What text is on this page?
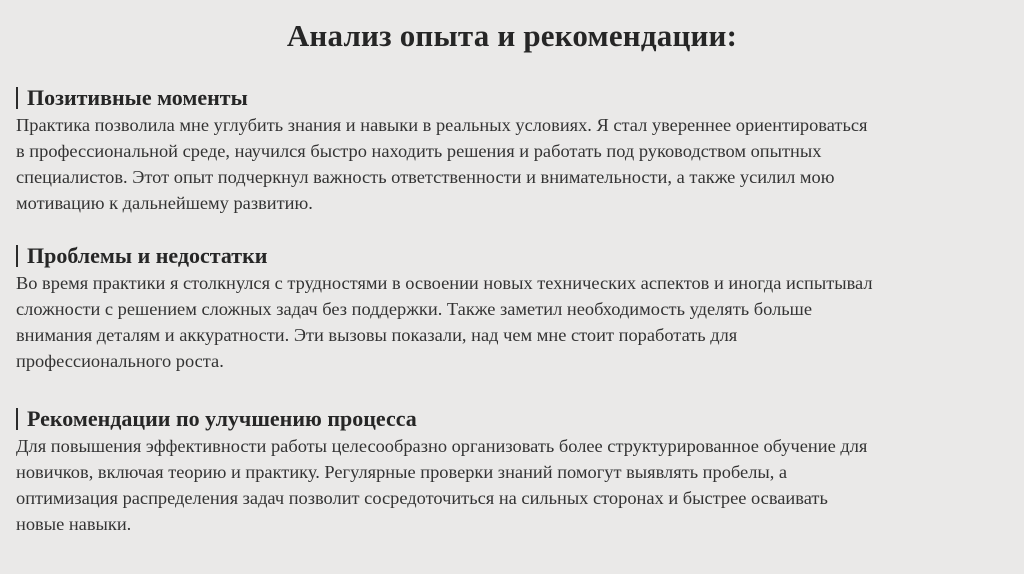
Анализ опыта и рекомендации:
Позитивные моменты
Практика позволила мне углубить знания и навыки в реальных условиях. Я стал увереннее ориентироваться
в профессиональной среде, научился быстро находить решения и работать под руководством опытных
специалистов. Этот опыт подчеркнул важность ответственности и внимательности, а также усилил мою
мотивацию к дальнейшему развитию.
Проблемы и недостатки
Во время практики я столкнулся с трудностями в освоении новых технических аспектов и иногда испытывал
сложности с решением сложных задач без поддержки. Также заметил необходимость уделять больше
внимания деталям и аккуратности. Эти вызовы показали, над чем мне стоит поработать для
профессионального роста.
Рекомендации по улучшению процесса
Для повышения эффективности работы целесообразно организовать более структурированное обучение для
новичков, включая теорию и практику. Регулярные проверки знаний помогут выявлять пробелы, а
оптимизация распределения задач позволит сосредоточиться на сильных сторонах и быстрее осваивать
новые навыки.
